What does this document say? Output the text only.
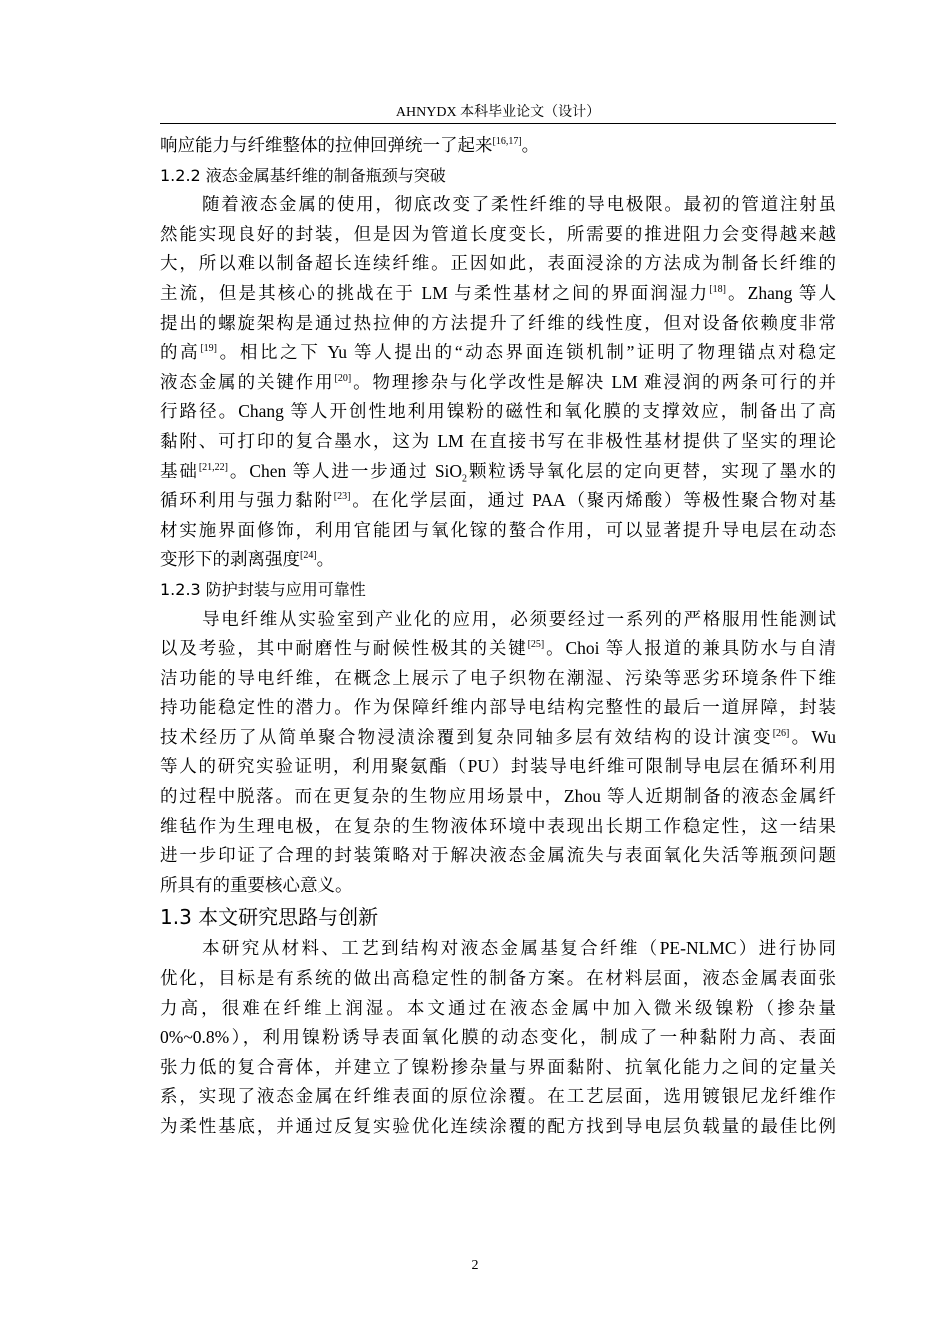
AHNYDX 本科毕业论文（设计）
响应能力与纤维整体的拉伸回弹统一了起来[16,17]。
1.2.2 液态金属基纤维的制备瓶颈与突破
随着液态金属的使用，彻底改变了柔性纤维的导电极限。最初的管道注射虽
然能实现良好的封装，但是因为管道长度变长，所需要的推进阻力会变得越来越
大，所以难以制备超长连续纤维。正因如此，表面浸涂的方法成为制备长纤维的
主流，但是其核心的挑战在于 LM 与柔性基材之间的界面润湿力[18]。Zhang 等人
提出的螺旋架构是通过热拉伸的方法提升了纤维的线性度，但对设备依赖度非常
的高[19]。相比之下 Yu 等人提出的“动态界面连锁机制”证明了物理锚点对稳定
液态金属的关键作用[20]。物理掺杂与化学改性是解决 LM 难浸润的两条可行的并
行路径。Chang 等人开创性地利用镍粉的磁性和氧化膜的支撑效应，制备出了高
黏附、可打印的复合墨水，这为 LM 在直接书写在非极性基材提供了坚实的理论
基础[21,22]。Chen 等人进一步通过 SiO$_2$颗粒诱导氧化层的定向更替，实现了墨水的
循环利用与强力黏附[23]。在化学层面，通过 PAA（聚丙烯酸）等极性聚合物对基
材实施界面修饰，利用官能团与氧化镓的螯合作用，可以显著提升导电层在动态
变形下的剥离强度[24]。
1.2.3 防护封装与应用可靠性
导电纤维从实验室到产业化的应用，必须要经过一系列的严格服用性能测试
以及考验，其中耐磨性与耐候性极其的关键[25]。Choi 等人报道的兼具防水与自清
洁功能的导电纤维，在概念上展示了电子织物在潮湿、污染等恶劣环境条件下维
持功能稳定性的潜力。作为保障纤维内部导电结构完整性的最后一道屏障，封装
技术经历了从简单聚合物浸渍涂覆到复杂同轴多层有效结构的设计演变[26]。Wu
等人的研究实验证明，利用聚氨酯（PU）封装导电纤维可限制导电层在循环利用
的过程中脱落。而在更复杂的生物应用场景中，Zhou 等人近期制备的液态金属纤
维毡作为生理电极，在复杂的生物液体环境中表现出长期工作稳定性，这一结果
进一步印证了合理的封装策略对于解决液态金属流失与表面氧化失活等瓶颈问题
所具有的重要核心意义。
1.3 本文研究思路与创新
本研究从材料、工艺到结构对液态金属基复合纤维（PE-NLMC）进行协同
优化，目标是有系统的做出高稳定性的制备方案。在材料层面，液态金属表面张
力高，很难在纤维上润湿。本文通过在液态金属中加入微米级镍粉（掺杂量
0%~0.8%），利用镍粉诱导表面氧化膜的动态变化，制成了一种黏附力高、表面
张力低的复合膏体，并建立了镍粉掺杂量与界面黏附、抗氧化能力之间的定量关
系，实现了液态金属在纤维表面的原位涂覆。在工艺层面，选用镀银尼龙纤维作
为柔性基底，并通过反复实验优化连续涂覆的配方找到导电层负载量的最佳比例
2
